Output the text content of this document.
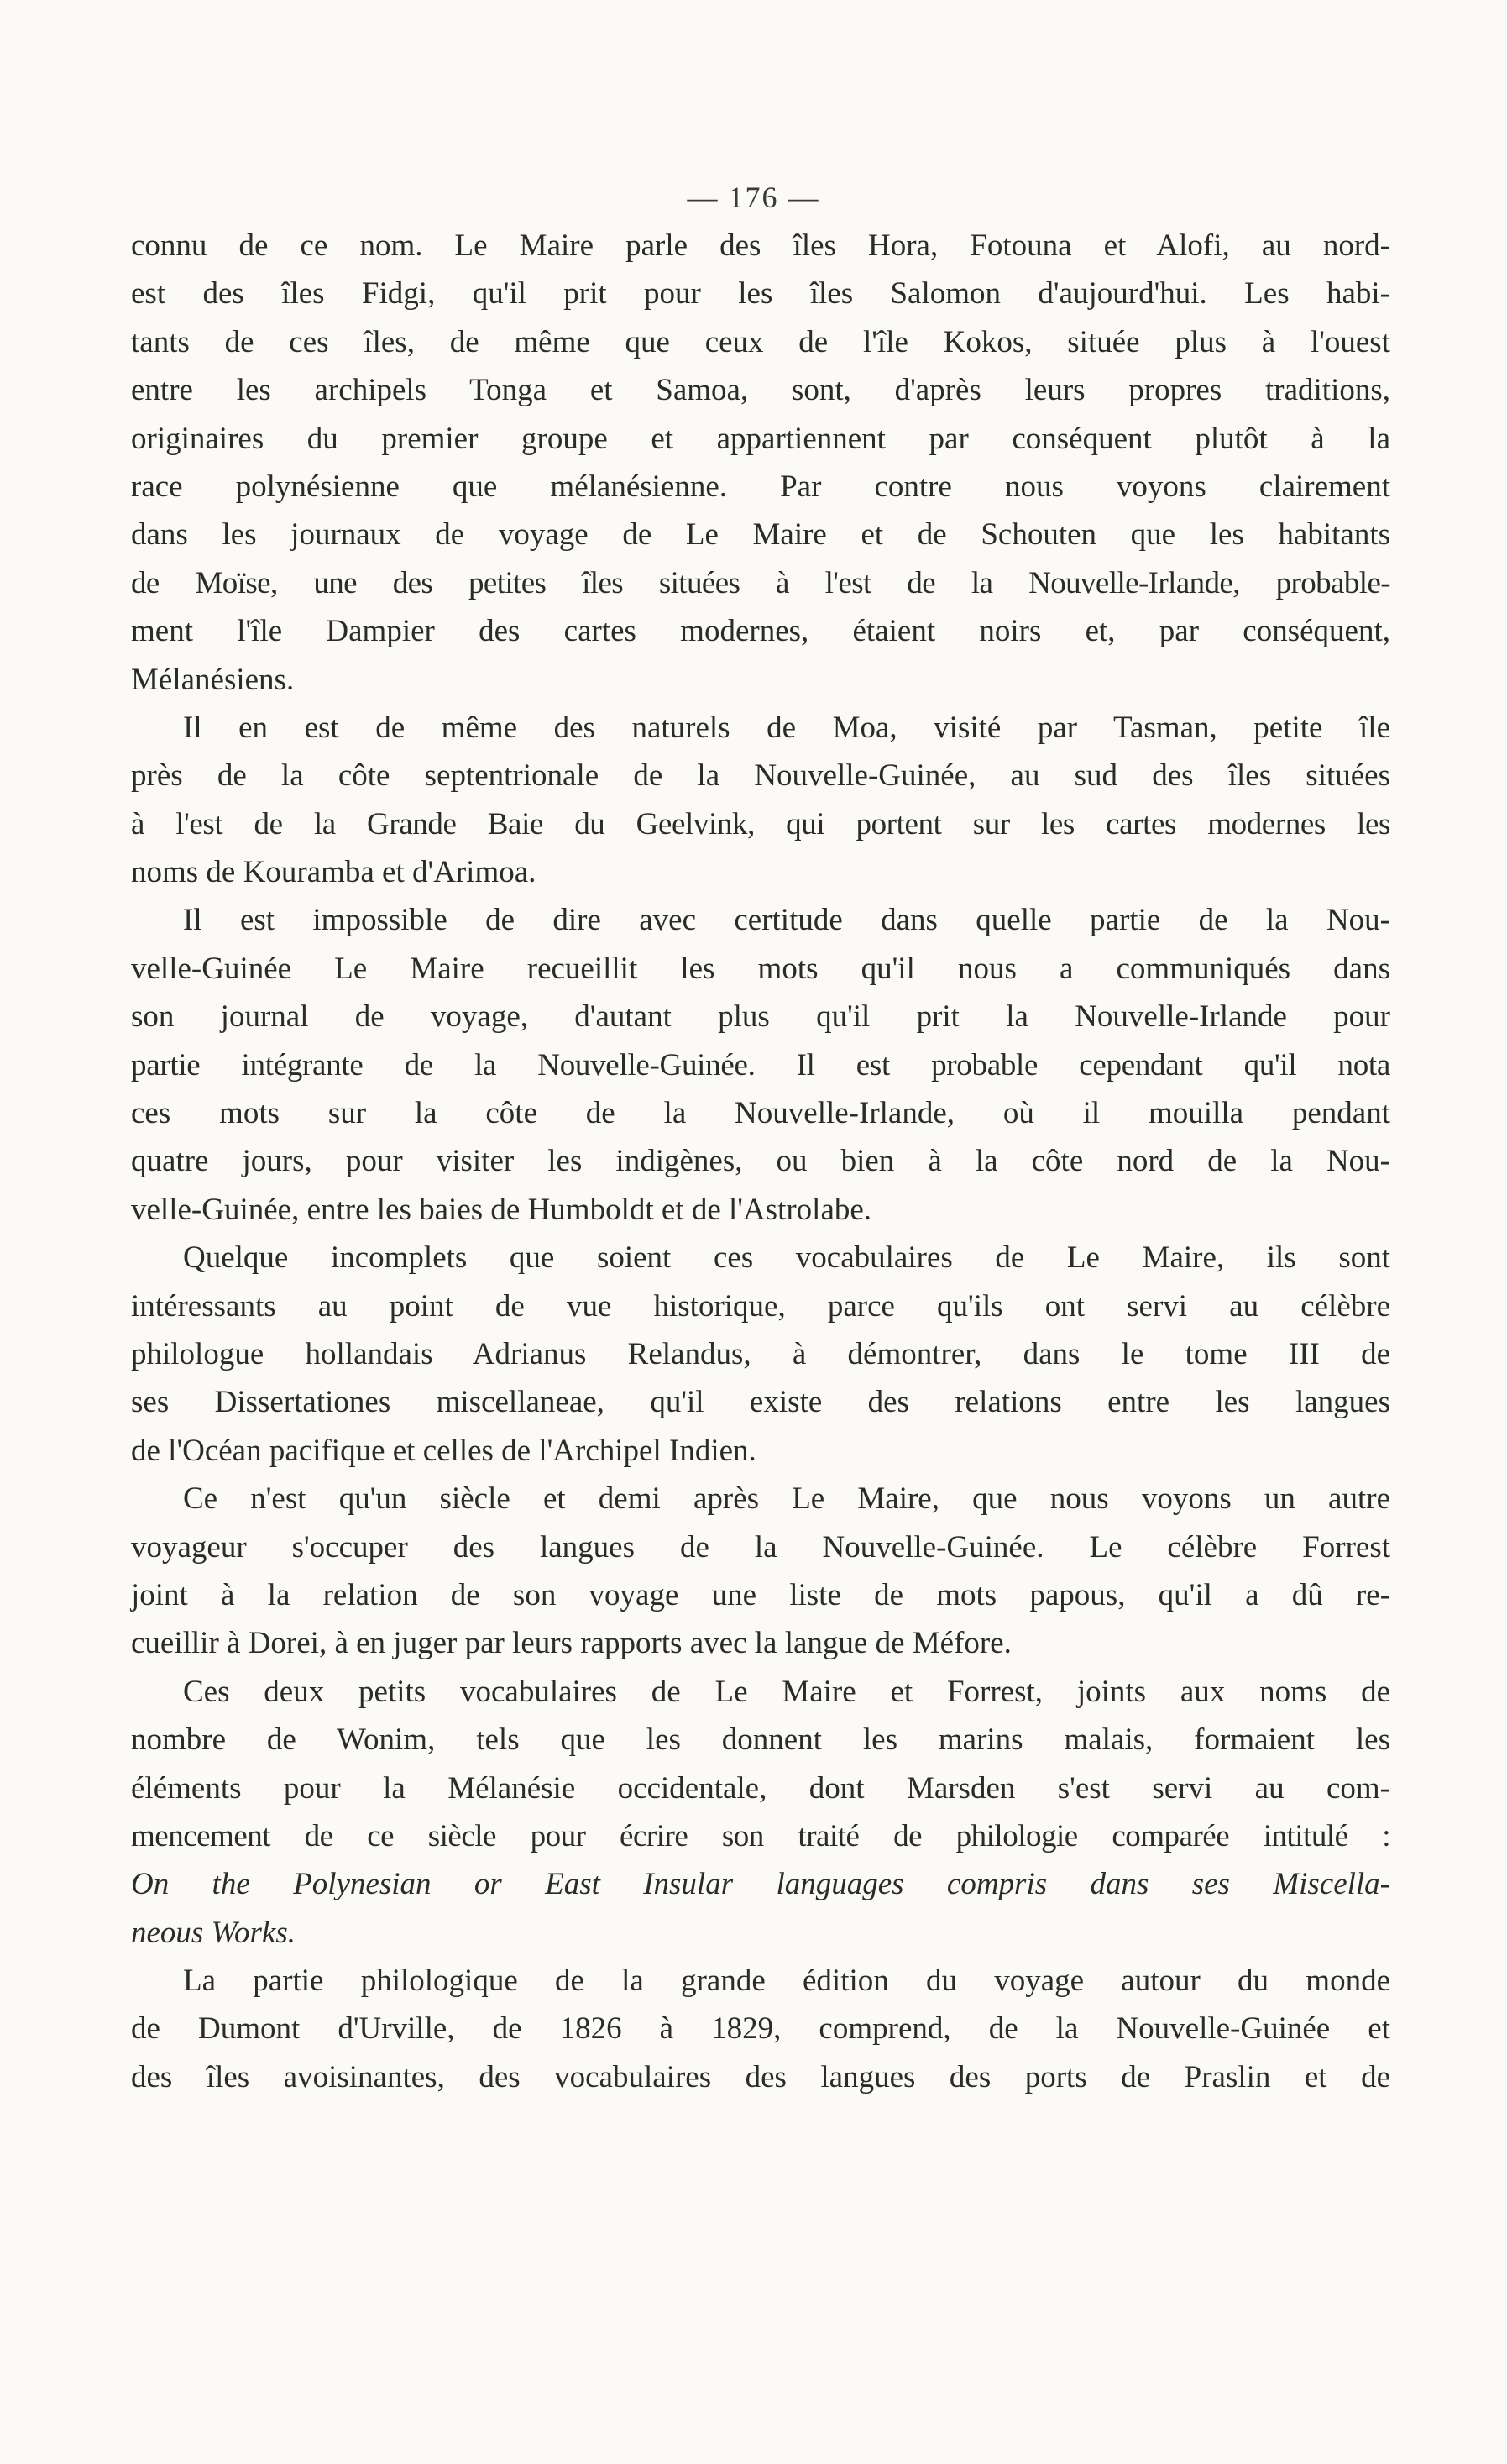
— 176 —
connu de ce nom. Le Maire parle des îles Hora, Fotouna et Alofi, au nord-
est des îles Fidgi, qu'il prit pour les îles Salomon d'aujourd'hui. Les habi-
tants de ces îles, de même que ceux de l'île Kokos, située plus à l'ouest
entre les archipels Tonga et Samoa, sont, d'après leurs propres traditions,
originaires du premier groupe et appartiennent par conséquent plutôt à la
race polynésienne que mélanésienne. Par contre nous voyons clairement
dans les journaux de voyage de Le Maire et de Schouten que les habitants
de Moïse, une des petites îles situées à l'est de la Nouvelle-Irlande, probable-
ment l'île Dampier des cartes modernes, étaient noirs et, par conséquent,
Mélanésiens.
Il en est de même des naturels de Moa, visité par Tasman, petite île
près de la côte septentrionale de la Nouvelle-Guinée, au sud des îles situées
à l'est de la Grande Baie du Geelvink, qui portent sur les cartes modernes les
noms de Kouramba et d'Arimoa.
Il est impossible de dire avec certitude dans quelle partie de la Nou-
velle-Guinée Le Maire recueillit les mots qu'il nous a communiqués dans
son journal de voyage, d'autant plus qu'il prit la Nouvelle-Irlande pour
partie intégrante de la Nouvelle-Guinée. Il est probable cependant qu'il nota
ces mots sur la côte de la Nouvelle-Irlande, où il mouilla pendant
quatre jours, pour visiter les indigènes, ou bien à la côte nord de la Nou-
velle-Guinée, entre les baies de Humboldt et de l'Astrolabe.
Quelque incomplets que soient ces vocabulaires de Le Maire, ils sont
intéressants au point de vue historique, parce qu'ils ont servi au célèbre
philologue hollandais Adrianus Relandus, à démontrer, dans le tome III de
ses Dissertationes miscellaneae, qu'il existe des relations entre les langues
de l'Océan pacifique et celles de l'Archipel Indien.
Ce n'est qu'un siècle et demi après Le Maire, que nous voyons un autre
voyageur s'occuper des langues de la Nouvelle-Guinée. Le célèbre Forrest
joint à la relation de son voyage une liste de mots papous, qu'il a dû re-
cueillir à Dorei, à en juger par leurs rapports avec la langue de Méfore.
Ces deux petits vocabulaires de Le Maire et Forrest, joints aux noms de
nombre de Wonim, tels que les donnent les marins malais, formaient les
éléments pour la Mélanésie occidentale, dont Marsden s'est servi au com-
mencement de ce siècle pour écrire son traité de philologie comparée intitulé :
On the Polynesian or East Insular languages compris dans ses Miscella-
neous Works.
La partie philologique de la grande édition du voyage autour du monde
de Dumont d'Urville, de 1826 à 1829, comprend, de la Nouvelle-Guinée et
des îles avoisinantes, des vocabulaires des langues des ports de Praslin et de
